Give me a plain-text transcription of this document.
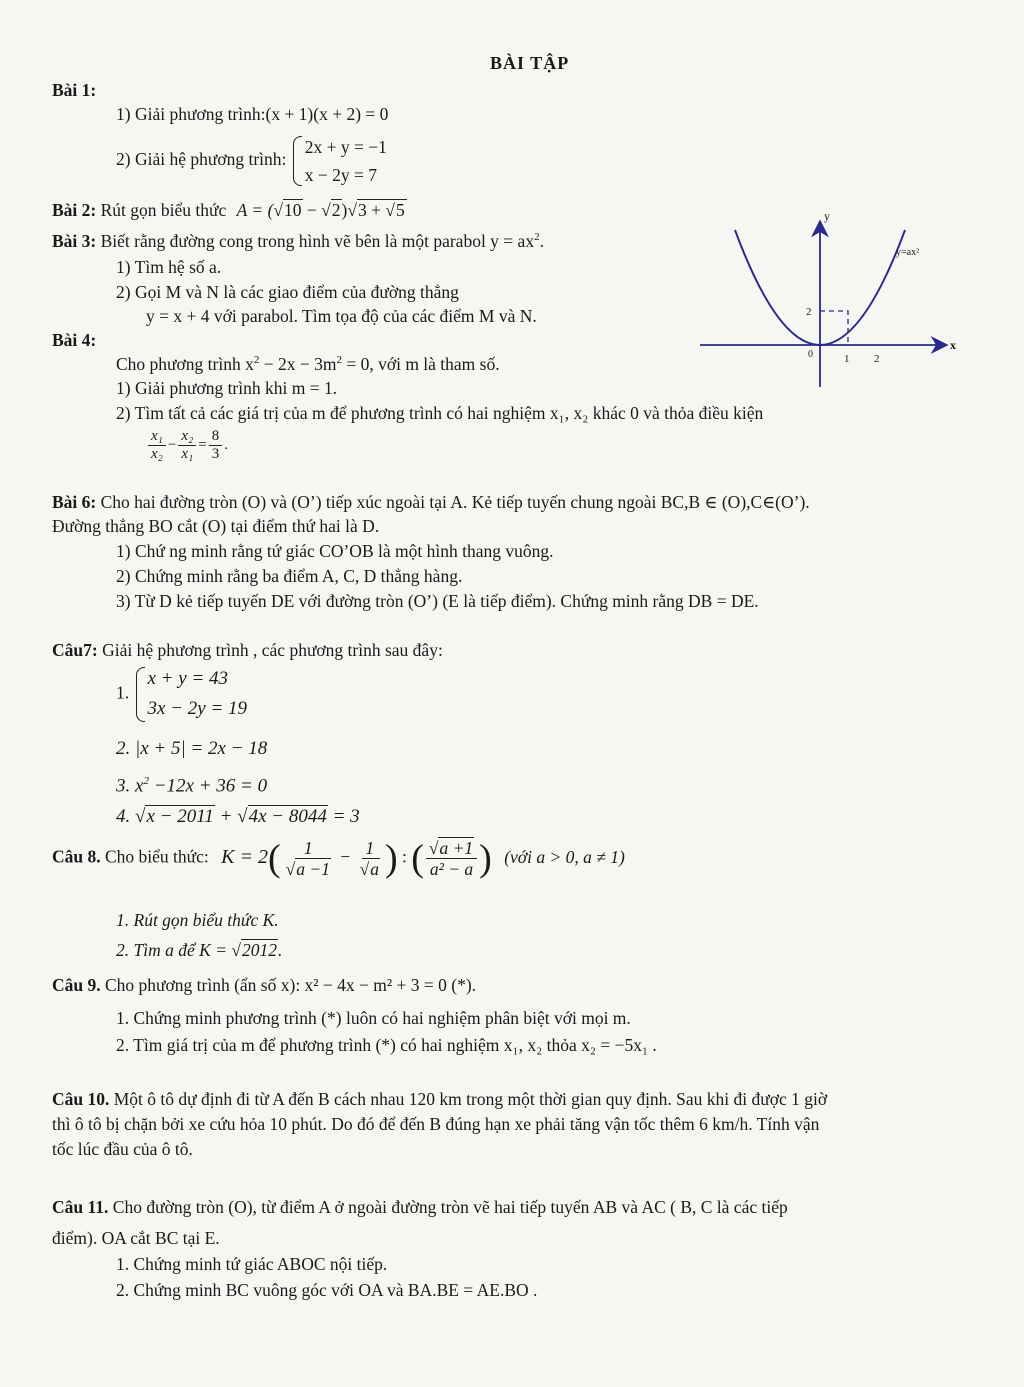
BÀI TẬP
Bài 1:
1) Giải phương trình:(x + 1)(x + 2) = 0
2) Giải hệ phương trình:
2x + y = −1
x − 2y = 7
Bài 2: Rút gọn biểu thức A = (√10 − √2)√3 + √5
Bài 3: Biết rằng đường cong trong hình vẽ bên là một parabol $y = ax^2$.
1) Tìm hệ số a.
2) Gọi M và N là các giao điểm của đường thẳng
y = x + 4 với parabol. Tìm tọa độ của các điểm M và N.
y
x
y=ax²
0	1 2
2
Bài 4:
Cho phương trình $x^2 - 2x - 3m^2 = 0$, với m là tham số.
1) Giải phương trình khi m = 1.
2) Tìm tất cả các giá trị của m để phương trình có hai nghiệm x₁, x₂ khác 0 và thỏa điều kiện
$\frac{\text{x₁}}{\text{x₂}} - \frac{\text{x₂}}{\text{x₁}} = \frac{8}{3}$ .
Bài 6: Cho hai đường tròn (O) và (O’) tiếp xúc ngoài tại A. Kẻ tiếp tuyến chung ngoài BC,B ∈ (O),C∈(O’).
Đường thẳng BO cắt (O) tại điểm thứ hai là D.
1) Chứ ng minh rằng tứ giác CO’OB là một hình thang vuông.
2) Chứng minh rằng ba điểm A, C, D thẳng hàng.
3) Từ D kẻ tiếp tuyến DE với đường tròn (O’) (E là tiếp điểm). Chứng minh rằng DB = DE.
Câu7: Giải hệ phương trình , các phương trình sau đây:
1.
x + y = 43
3x − 2y = 19
2. |x + 5| = 2x − 18
3. $x^2 -12x + 36 = 0$
4. √x − 2011 + √4x − 8044 = 3
Câu 8. Cho biểu thức: $K = 2( \frac{1}{√a -1} - \frac{1}{√a}$ ) : ( $\frac{√a +1}{\text{a² − a}}$ ) (với a > 0, a ≠ 1)
1. Rút gọn biểu thức K.
2. Tìm a để K = √2012.
Câu 9. Cho phương trình (ẩn số x): x² − 4x − m² + 3 = 0 (*).
1. Chứng minh phương trình (*) luôn có hai nghiệm phân biệt với mọi m.
2. Tìm giá trị của m để phương trình (*) có hai nghiệm x₁, x₂ thỏa x₂ = −5x₁ .
Câu 10. Một ô tô dự định đi từ A đến B cách nhau 120 km trong một thời gian quy định. Sau khi đi được 1 giờ
thì ô tô bị chặn bởi xe cứu hỏa 10 phút. Do đó để đến B đúng hạn xe phải tăng vận tốc thêm 6 km/h. Tính vận
tốc lúc đầu của ô tô.
Câu 11. Cho đường tròn (O), từ điểm A ở ngoài đường tròn vẽ hai tiếp tuyến AB và AC ( B, C là các tiếp
điểm). OA cắt BC tại E.
1. Chứng minh tứ giác ABOC nội tiếp.
2. Chứng minh BC vuông góc với OA và BA.BE = AE.BO .
